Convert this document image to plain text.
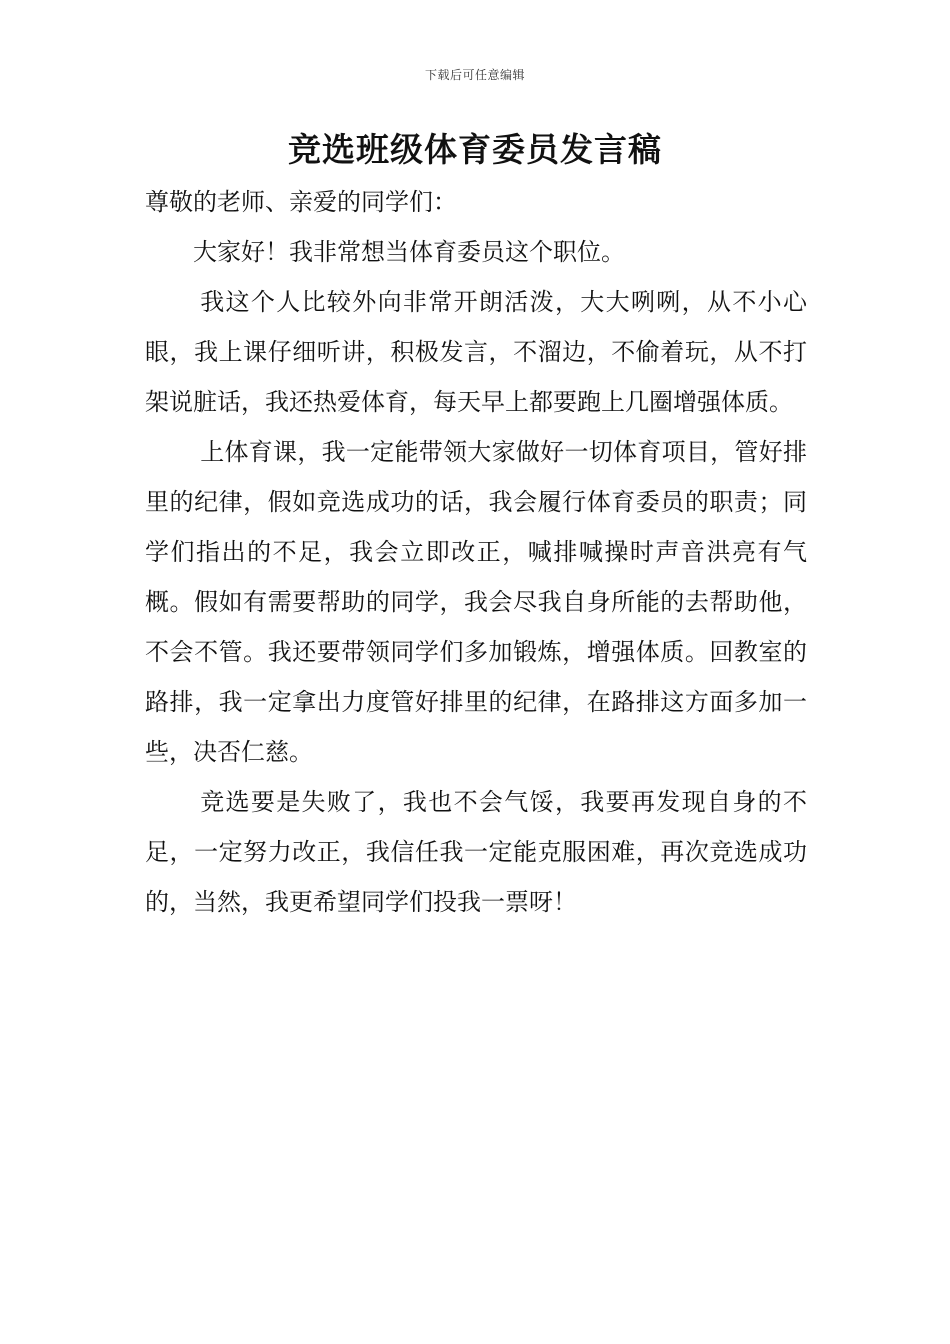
下载后可任意编辑
竞选班级体育委员发言稿

尊敬的老师、亲爱的同学们：

大家好！我非常想当体育委员这个职位。

我这个人比较外向非常开朗活泼，大大咧咧，从不小心眼，我上课仔细听讲，积极发言，不溜边，不偷着玩，从不打架说脏话，我还热爱体育，每天早上都要跑上几圈增强体质。

上体育课，我一定能带领大家做好一切体育项目，管好排里的纪律，假如竞选成功的话，我会履行体育委员的职责；同学们指出的不足，我会立即改正，喊排喊操时声音洪亮有气概。假如有需要帮助的同学，我会尽我自身所能的去帮助他，不会不管。我还要带领同学们多加锻炼，增强体质。回教室的路排，我一定拿出力度管好排里的纪律，在路排这方面多加一些，决否仁慈。

竞选要是失败了，我也不会气馁，我要再发现自身的不足，一定努力改正，我信任我一定能克服困难，再次竞选成功的，当然，我更希望同学们投我一票呀！
